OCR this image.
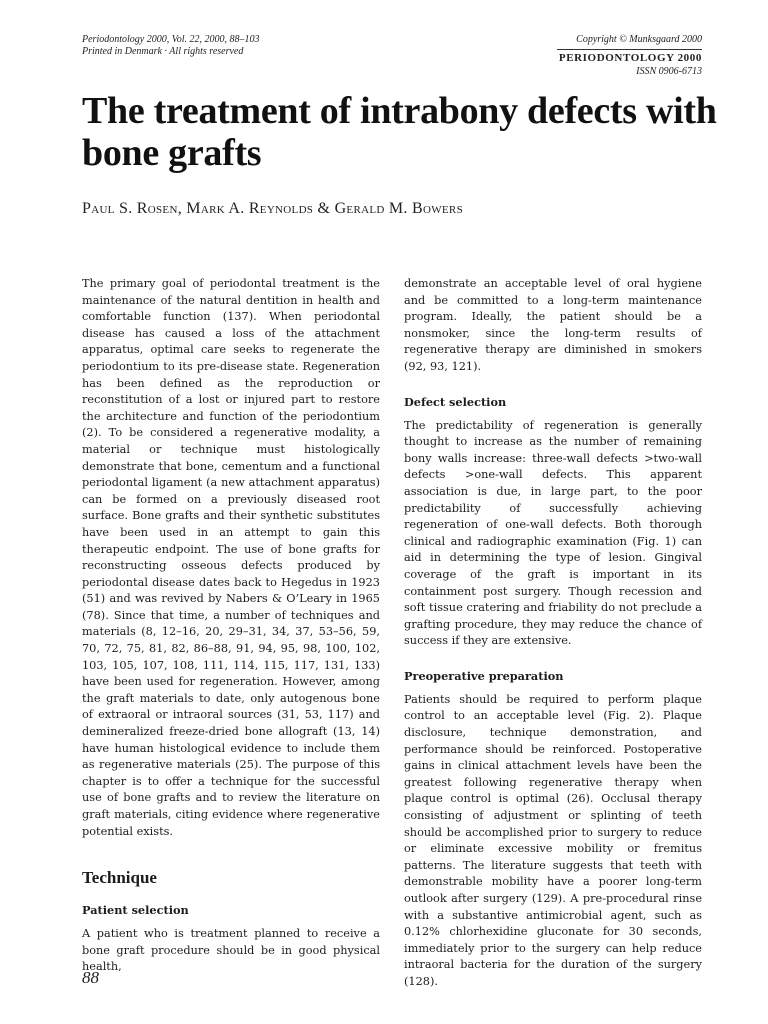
Periodontology 2000, Vol. 22, 2000, 88–103
Printed in Denmark · All rights reserved
Copyright © Munksgaard 2000
PERIODONTOLOGY 2000
ISSN 0906-6713
The treatment of intrabony defects with bone grafts
Paul S. Rosen, Mark A. Reynolds & Gerald M. Bowers

The primary goal of periodontal treatment is the maintenance of the natural dentition in health and comfortable function (137). When periodontal disease has caused a loss of the attachment apparatus, optimal care seeks to regenerate the periodontium to its pre-disease state. Regeneration has been defined as the reproduction or reconstitution of a lost or injured part to restore the architecture and function of the periodontium (2). To be considered a regenerative modality, a material or technique must histologically demonstrate that bone, cementum and a functional periodontal ligament (a new attachment apparatus) can be formed on a previously diseased root surface. Bone grafts and their synthetic substitutes have been used in an attempt to gain this therapeutic endpoint. The use of bone grafts for reconstructing osseous defects produced by periodontal disease dates back to Hegedus in 1923 (51) and was revived by Nabers & O’Leary in 1965 (78). Since that time, a number of techniques and materials (8, 12–16, 20, 29–31, 34, 37, 53–56, 59, 70, 72, 75, 81, 82, 86–88, 91, 94, 95, 98, 100, 102, 103, 105, 107, 108, 111, 114, 115, 117, 131, 133) have been used for regeneration. However, among the graft materials to date, only autogenous bone of extraoral or intraoral sources (31, 53, 117) and demineralized freeze-dried bone allograft (13, 14) have human histological evidence to include them as regenerative materials (25). The purpose of this chapter is to offer a technique for the successful use of bone grafts and to review the literature on graft materials, citing evidence where regenerative potential exists.

Technique
Patient selection

A patient who is treatment planned to receive a bone graft procedure should be in good physical health,

demonstrate an acceptable level of oral hygiene and be committed to a long-term maintenance program. Ideally, the patient should be a nonsmoker, since the long-term results of regenerative therapy are diminished in smokers (92, 93, 121).

Defect selection

The predictability of regeneration is generally thought to increase as the number of remaining bony walls increase: three-wall defects >two-wall defects >one-wall defects. This apparent association is due, in large part, to the poor predictability of successfully achieving regeneration of one-wall defects. Both thorough clinical and radiographic examination (Fig. 1) can aid in determining the type of lesion. Gingival coverage of the graft is important in its containment post surgery. Though recession and soft tissue cratering and friability do not preclude a grafting procedure, they may reduce the chance of success if they are extensive.

Preoperative preparation

Patients should be required to perform plaque control to an acceptable level (Fig. 2). Plaque disclosure, technique demonstration, and performance should be reinforced. Postoperative gains in clinical attachment levels have been the greatest following regenerative therapy when plaque control is optimal (26). Occlusal therapy consisting of adjustment or splinting of teeth should be accomplished prior to surgery to reduce or eliminate excessive mobility or fremitus patterns. The literature suggests that teeth with demonstrable mobility have a poorer long-term outlook after surgery (129). A pre-procedural rinse with a substantive antimicrobial agent, such as 0.12% chlorhexidine gluconate for 30 seconds, immediately prior to the surgery can help reduce intraoral bacteria for the duration of the surgery (128).

88
